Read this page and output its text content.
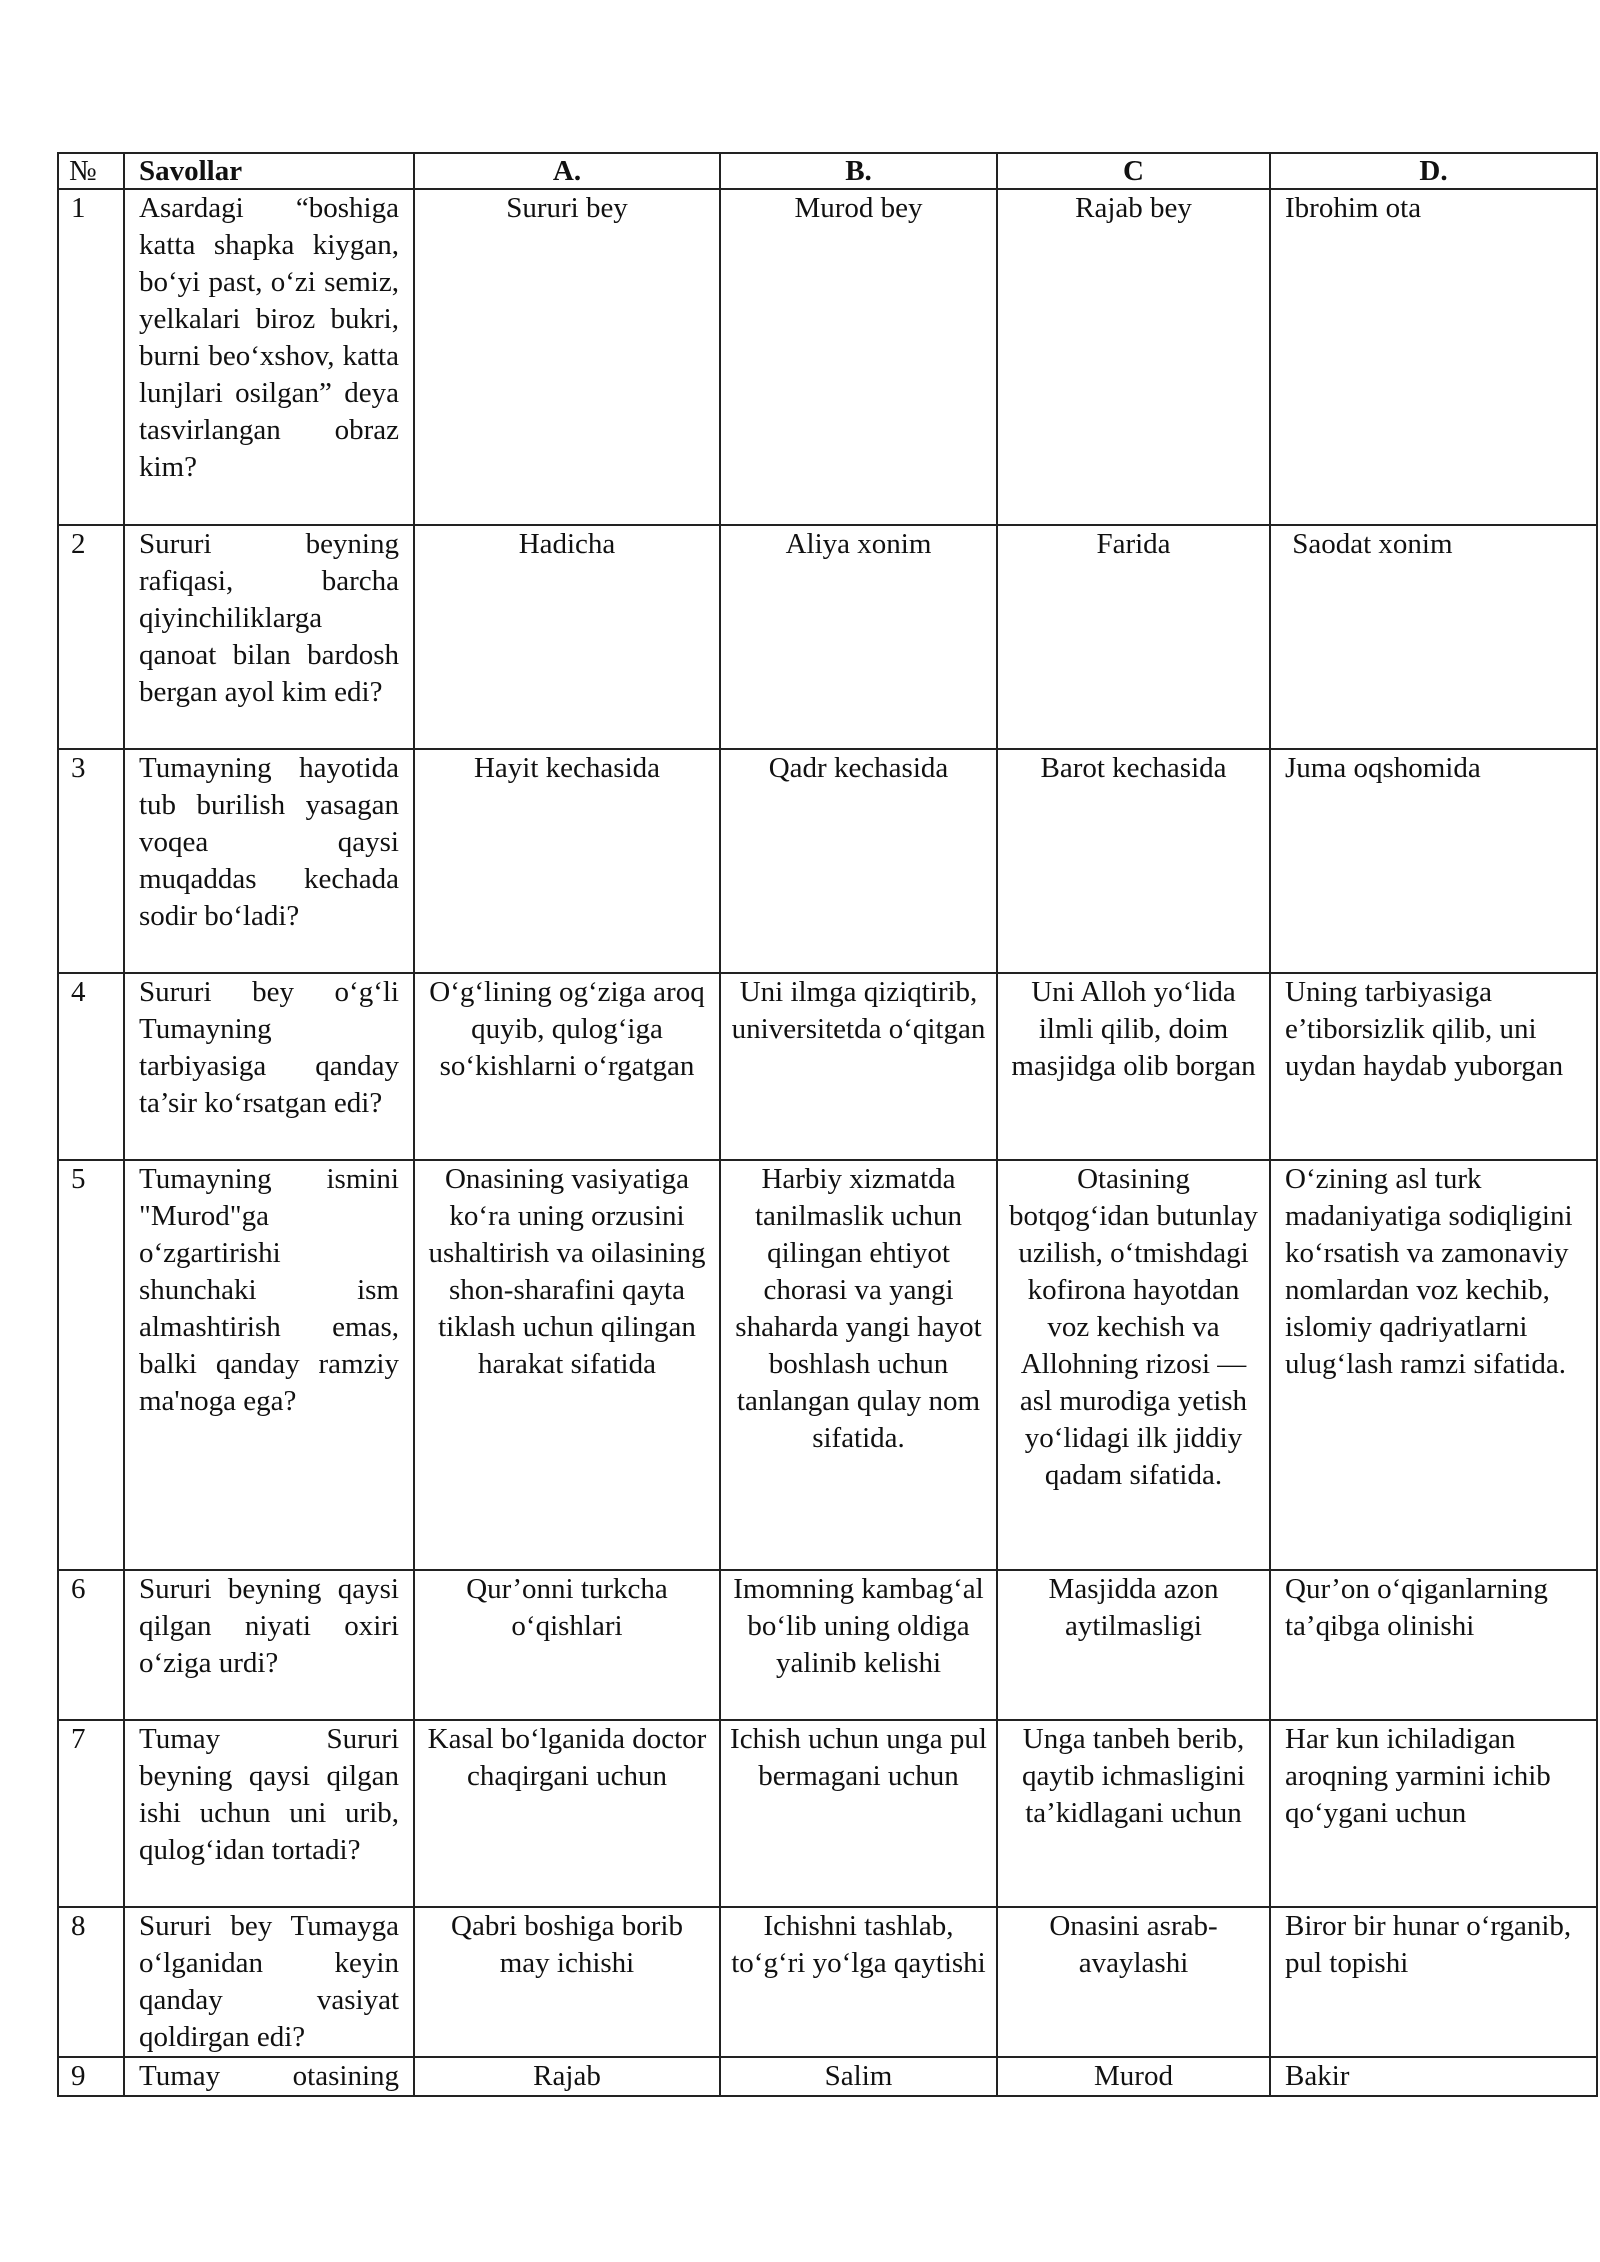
№	Savollar	A.	B.	C	D.
1	Asardagi “boshiga katta shapka kiygan, bo‘yi past, o‘zi semiz, yelkalari biroz bukri, burni beo‘xshov, katta lunjlari osilgan” deya tasvirlangan obraz kim?	Sururi bey	Murod bey	Rajab bey	Ibrohim ota
2	Sururi beyning rafiqasi, barcha qiyinchiliklarga qanoat bilan bardosh bergan ayol kim edi?	Hadicha	Aliya xonim	Farida	Saodat xonim
3	Tumayning hayotida tub burilish yasagan voqea qaysi muqaddas kechada sodir bo‘ladi?	Hayit kechasida	Qadr kechasida	Barot kechasida	Juma oqshomida
4	Sururi bey o‘g‘li Tumayning tarbiyasiga qanday ta’sir ko‘rsatgan edi?	O‘g‘lining og‘ziga aroq quyib, qulog‘iga so‘kishlarni o‘rgatgan	Uni ilmga qiziqtirib, universitetda o‘qitgan	Uni Alloh yo‘lida ilmli qilib, doim masjidga olib borgan	Uning tarbiyasiga e’tiborsizlik qilib, uni uydan haydab yuborgan
5	Tumayning ismini "Murod"ga o‘zgartirishi shunchaki ism almashtirish emas, balki qanday ramziy ma'noga ega?	Onasining vasiyatiga ko‘ra uning orzusini ushaltirish va oilasining shon-sharafini qayta tiklash uchun qilingan harakat sifatida	Harbiy xizmatda tanilmaslik uchun qilingan ehtiyot chorasi va yangi shaharda yangi hayot boshlash uchun tanlangan qulay nom sifatida.	Otasining botqog‘idan butunlay uzilish, o‘tmishdagi kofirona hayotdan voz kechish va Allohning rizosi — asl murodiga yetish yo‘lidagi ilk jiddiy qadam sifatida.	O‘zining asl turk madaniyatiga sodiqligini ko‘rsatish va zamonaviy nomlardan voz kechib, islomiy qadriyatlarni ulug‘lash ramzi sifatida.
6	Sururi beyning qaysi qilgan niyati oxiri o‘ziga urdi?	Qur’onni turkcha o‘qishlari	Imomning kambag‘al bo‘lib uning oldiga yalinib kelishi	Masjidda azon aytilmasligi	Qur’on o‘qiganlarning ta’qibga olinishi
7	Tumay Sururi beyning qaysi qilgan ishi uchun uni urib, qulog‘idan tortadi?	Kasal bo‘lganida doctor chaqirgani uchun	Ichish uchun unga pul bermagani uchun	Unga tanbeh berib, qaytib ichmasligini ta’kidlagani uchun	Har kun ichiladigan aroqning yarmini ichib qo‘ygani uchun
8	Sururi bey Tumayga o‘lganidan keyin qanday vasiyat qoldirgan edi?	Qabri boshiga borib may ichishi	Ichishni tashlab, to‘g‘ri yo‘lga qaytishi	Onasini asrab-avaylashi	Biror bir hunar o‘rganib, pul topishi
9	Tumay otasining	Rajab	Salim	Murod	Bakir
